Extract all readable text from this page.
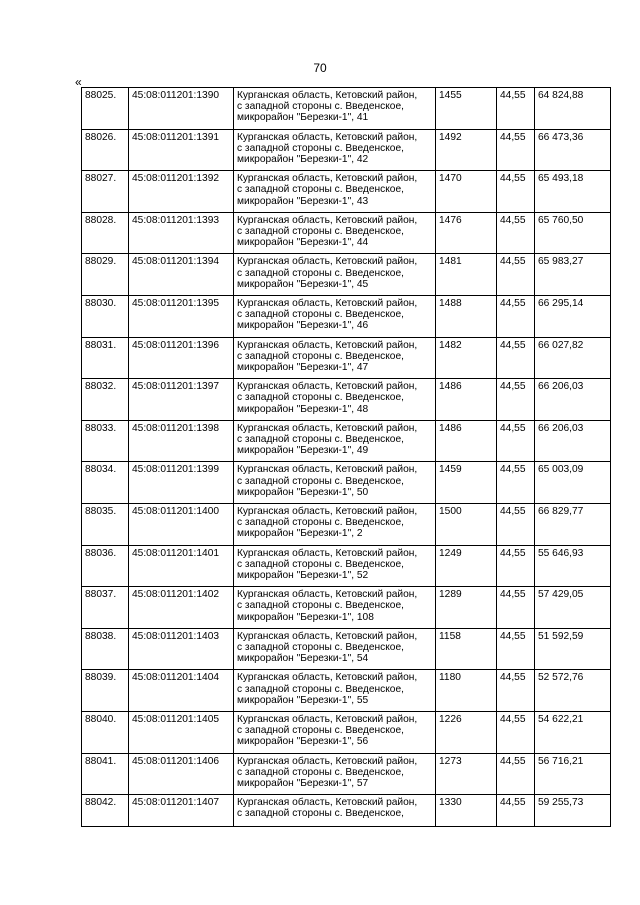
70
«
88025.	45:08:011201:1390	Курганская область, Кетовский район,
с западной стороны с. Введенское,
микрорайон "Березки-1", 41	1455	44,55	64 824,88
88026.	45:08:011201:1391	Курганская область, Кетовский район,
с западной стороны с. Введенское,
микрорайон "Березки-1", 42	1492	44,55	66 473,36
88027.	45:08:011201:1392	Курганская область, Кетовский район,
с западной стороны с. Введенское,
микрорайон "Березки-1", 43	1470	44,55	65 493,18
88028.	45:08:011201:1393	Курганская область, Кетовский район,
с западной стороны с. Введенское,
микрорайон "Березки-1", 44	1476	44,55	65 760,50
88029.	45:08:011201:1394	Курганская область, Кетовский район,
с западной стороны с. Введенское,
микрорайон "Березки-1", 45	1481	44,55	65 983,27
88030.	45:08:011201:1395	Курганская область, Кетовский район,
с западной стороны с. Введенское,
микрорайон "Березки-1", 46	1488	44,55	66 295,14
88031.	45:08:011201:1396	Курганская область, Кетовский район,
с западной стороны с. Введенское,
микрорайон "Березки-1", 47	1482	44,55	66 027,82
88032.	45:08:011201:1397	Курганская область, Кетовский район,
с западной стороны с. Введенское,
микрорайон "Березки-1", 48	1486	44,55	66 206,03
88033.	45:08:011201:1398	Курганская область, Кетовский район,
с западной стороны с. Введенское,
микрорайон "Березки-1", 49	1486	44,55	66 206,03
88034.	45:08:011201:1399	Курганская область, Кетовский район,
с западной стороны с. Введенское,
микрорайон "Березки-1", 50	1459	44,55	65 003,09
88035.	45:08:011201:1400	Курганская область, Кетовский район,
с западной стороны с. Введенское,
микрорайон "Березки-1", 2	1500	44,55	66 829,77
88036.	45:08:011201:1401	Курганская область, Кетовский район,
с западной стороны с. Введенское,
микрорайон "Березки-1", 52	1249	44,55	55 646,93
88037.	45:08:011201:1402	Курганская область, Кетовский район,
с западной стороны с. Введенское,
микрорайон "Березки-1", 108	1289	44,55	57 429,05
88038.	45:08:011201:1403	Курганская область, Кетовский район,
с западной стороны с. Введенское,
микрорайон "Березки-1", 54	1158	44,55	51 592,59
88039.	45:08:011201:1404	Курганская область, Кетовский район,
с западной стороны с. Введенское,
микрорайон "Березки-1", 55	1180	44,55	52 572,76
88040.	45:08:011201:1405	Курганская область, Кетовский район,
с западной стороны с. Введенское,
микрорайон "Березки-1", 56	1226	44,55	54 622,21
88041.	45:08:011201:1406	Курганская область, Кетовский район,
с западной стороны с. Введенское,
микрорайон "Березки-1", 57	1273	44,55	56 716,21
88042.	45:08:011201:1407	Курганская область, Кетовский район,
с западной стороны с. Введенское,	1330	44,55	59 255,73
